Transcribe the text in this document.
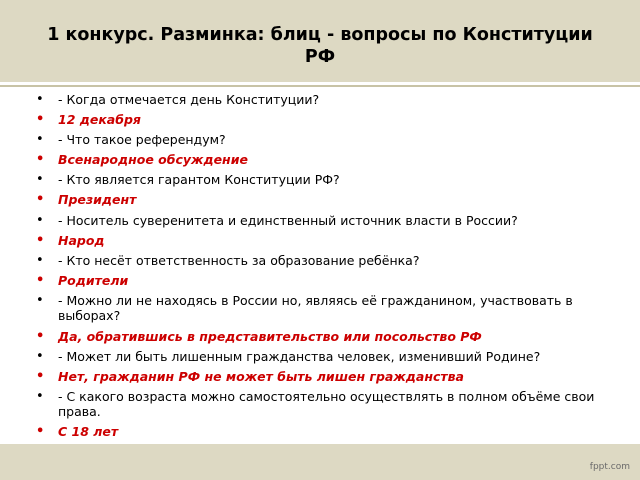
1 конкурс. Разминка: блиц - вопросы по Конституции РФ
• - Когда отмечается день Конституции?
• 12 декабря
• - Что такое референдум?
• Всенародное обсуждение
• - Кто является гарантом Конституции РФ?
• Президент
• - Носитель суверенитета и единственный источник власти в России?
• Народ
• - Кто несёт ответственность за образование ребёнка?
• Родители
• - Можно ли не находясь в России но, являясь её гражданином, участвовать в выборах?
• Да, обратившись в представительство или посольство РФ
• - Может ли быть лишенным гражданства человек, изменивший Родине?
• Нет, гражданин РФ не может быть лишен гражданства
• - С какого возраста можно самостоятельно осуществлять в полном объёме свои права.
• С 18 лет
fppt.com
